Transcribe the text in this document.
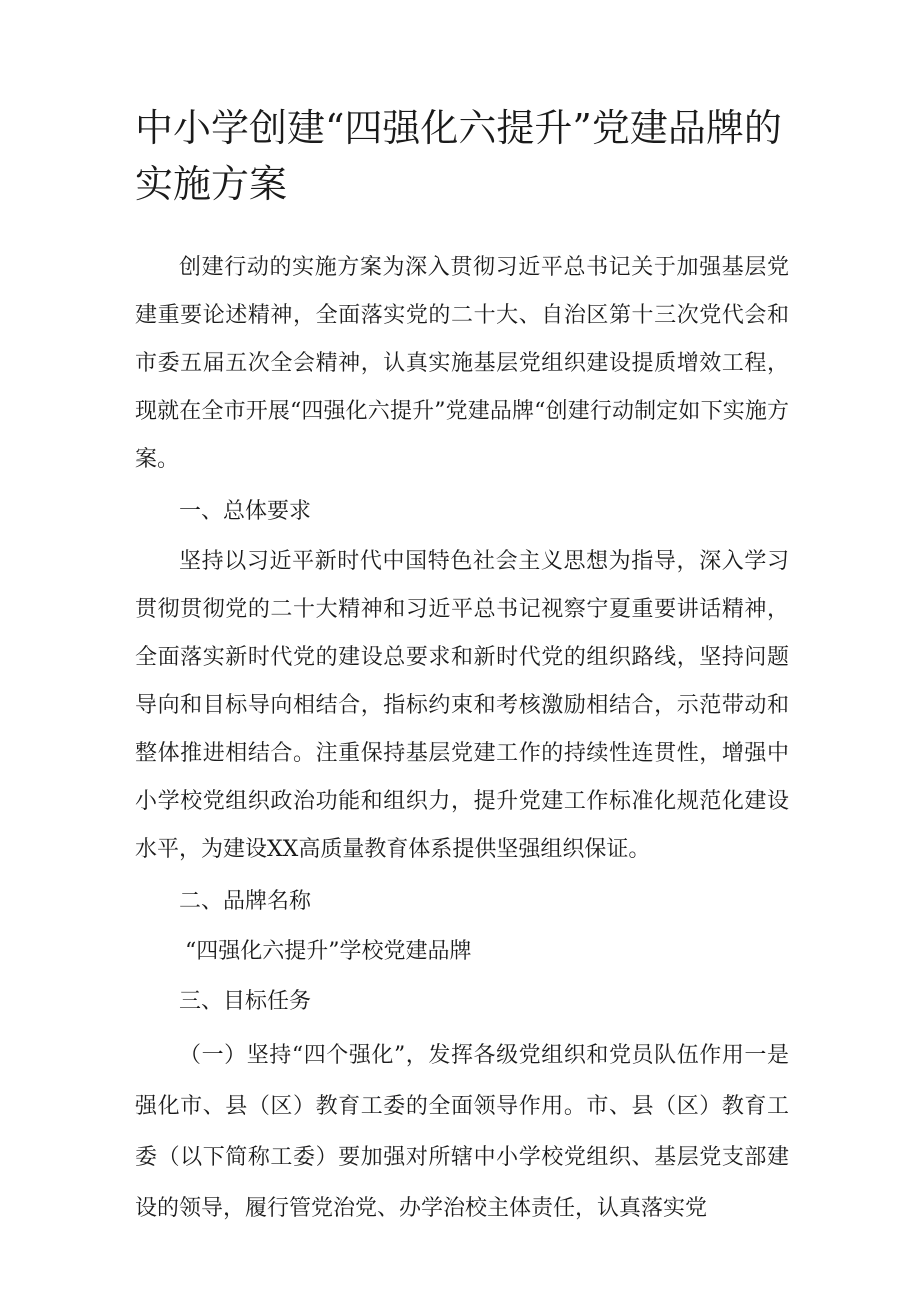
中小学创建“四强化六提升”党建品牌的实施方案

创建行动的实施方案为深入贯彻习近平总书记关于加强基层党建重要论述精神，全面落实党的二十大、自治区第十三次党代会和市委五届五次全会精神，认真实施基层党组织建设提质增效工程，现就在全市开展“四强化六提升”党建品牌“创建行动制定如下实施方案。

一、总体要求

坚持以习近平新时代中国特色社会主义思想为指导，深入学习贯彻贯彻党的二十大精神和习近平总书记视察宁夏重要讲话精神，全面落实新时代党的建设总要求和新时代党的组织路线，坚持问题导向和目标导向相结合，指标约束和考核激励相结合，示范带动和整体推进相结合。注重保持基层党建工作的持续性连贯性，增强中小学校党组织政治功能和组织力，提升党建工作标准化规范化建设水平，为建设XX高质量教育体系提供坚强组织保证。

二、品牌名称

“四强化六提升”学校党建品牌

三、目标任务

（一）坚持“四个强化”，发挥各级党组织和党员队伍作用一是强化市、县（区）教育工委的全面领导作用。市、县（区）教育工委（以下简称工委）要加强对所辖中小学校党组织、基层党支部建设的领导，履行管党治党、办学治校主体责任，认真落实党
